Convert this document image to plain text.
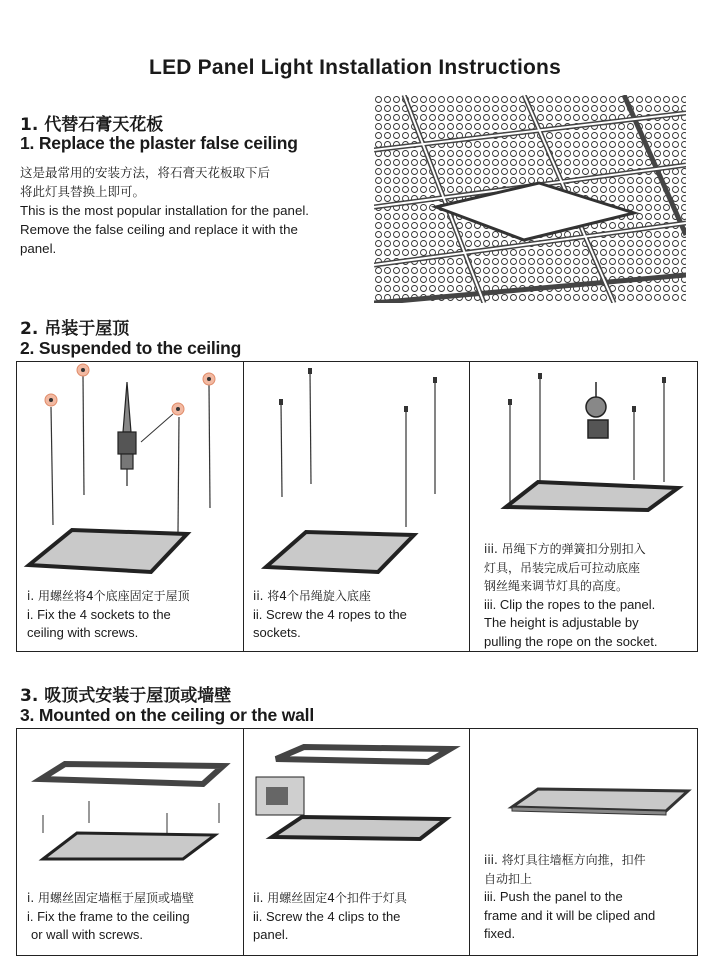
LED Panel Light Installation Instructions
1. 代替石膏天花板
1. Replace the plaster false ceiling
这是最常用的安装方法，将石膏天花板取下后
将此灯具替换上即可。
This is the most popular installation for the panel.
Remove the false ceiling and replace it with the
panel.
2. 吊装于屋顶
2. Suspended to the ceiling
i. 用螺丝将4个底座固定于屋顶
i. Fix the 4 sockets to the
ceiling with screws.
ii. 将4个吊绳旋入底座
ii. Screw the 4 ropes to the
sockets.
iii. 吊绳下方的弹簧扣分别扣入
灯具，吊装完成后可拉动底座
钢丝绳来调节灯具的高度。
iii. Clip the ropes to the panel.
The height is adjustable by
pulling the rope on the socket.
3. 吸顶式安装于屋顶或墙壁
3. Mounted on the ceiling or the wall
i. 用螺丝固定墙框于屋顶或墙壁
i. Fix the frame to the ceiling
or wall with screws.
ii. 用螺丝固定4个扣件于灯具
ii. Screw the 4 clips to the
panel.
iii. 将灯具往墙框方向推，扣件
自动扣上
iii. Push the panel to the
frame and it will be cliped and
fixed.
